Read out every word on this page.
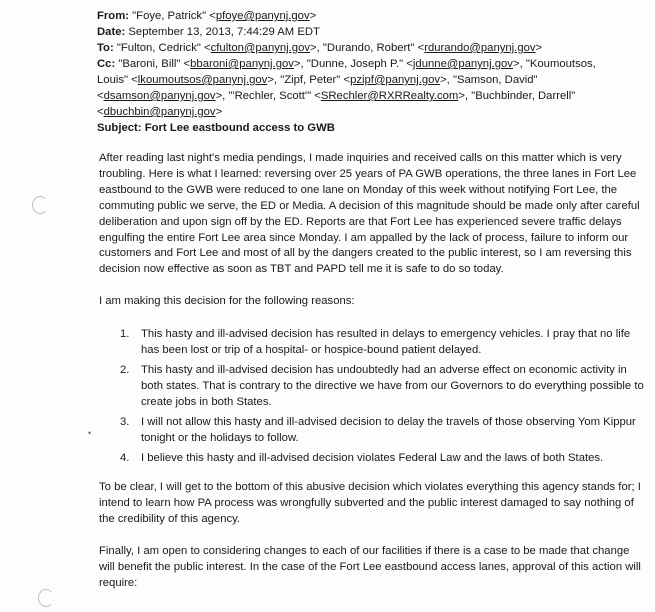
•
From: "Foye, Patrick" <pfoye@panynj.gov>
Date: September 13, 2013, 7:44:29 AM EDT
To: "Fulton, Cedrick" <cfulton@panynj.gov>, "Durando, Robert" <rdurando@panynj.gov>
Cc: "Baroni, Bill" <bbaroni@panynj.gov>, "Dunne, Joseph P." <jdunne@panynj.gov>, "Koumoutsos,
Louis" <lkoumoutsos@panynj.gov>, "Zipf, Peter" <pzipf@panynj.gov>, "Samson, David"
<dsamson@panynj.gov>, "'Rechler, Scott'" <SRechler@RXRRealty.com>, "Buchbinder, Darrell"
<dbuchbin@panynj.gov>
Subject: Fort Lee eastbound access to GWB

After reading last night's media pendings, I made inquiries and received calls on this matter which is very troubling. Here is what I learned: reversing over 25 years of PA GWB operations, the three lanes in Fort Lee eastbound to the GWB were reduced to one lane on Monday of this week without notifying Fort Lee, the commuting public we serve, the ED or Media. A decision of this magnitude should be made only after careful deliberation and upon sign off by the ED. Reports are that Fort Lee has experienced severe traffic delays engulfing the entire Fort Lee area since Monday. I am appalled by the lack of process, failure to inform our customers and Fort Lee and most of all by the dangers created to the public interest, so I am reversing this decision now effective as soon as TBT and PAPD tell me it is safe to do so today.

I am making this decision for the following reasons:

1. This hasty and ill-advised decision has resulted in delays to emergency vehicles. I pray that no life has been lost or trip of a hospital- or hospice-bound patient delayed.
2. This hasty and ill-advised decision has undoubtedly had an adverse effect on economic activity in both states. That is contrary to the directive we have from our Governors to do everything possible to create jobs in both States.
3. I will not allow this hasty and ill-advised decision to delay the travels of those observing Yom Kippur tonight or the holidays to follow.
4. I believe this hasty and ill-advised decision violates Federal Law and the laws of both States.

To be clear, I will get to the bottom of this abusive decision which violates everything this agency stands for; I intend to learn how PA process was wrongfully subverted and the public interest damaged to say nothing of the credibility of this agency.

Finally, I am open to considering changes to each of our facilities if there is a case to be made that change will benefit the public interest. In the case of the Fort Lee eastbound access lanes, approval of this action will require:
